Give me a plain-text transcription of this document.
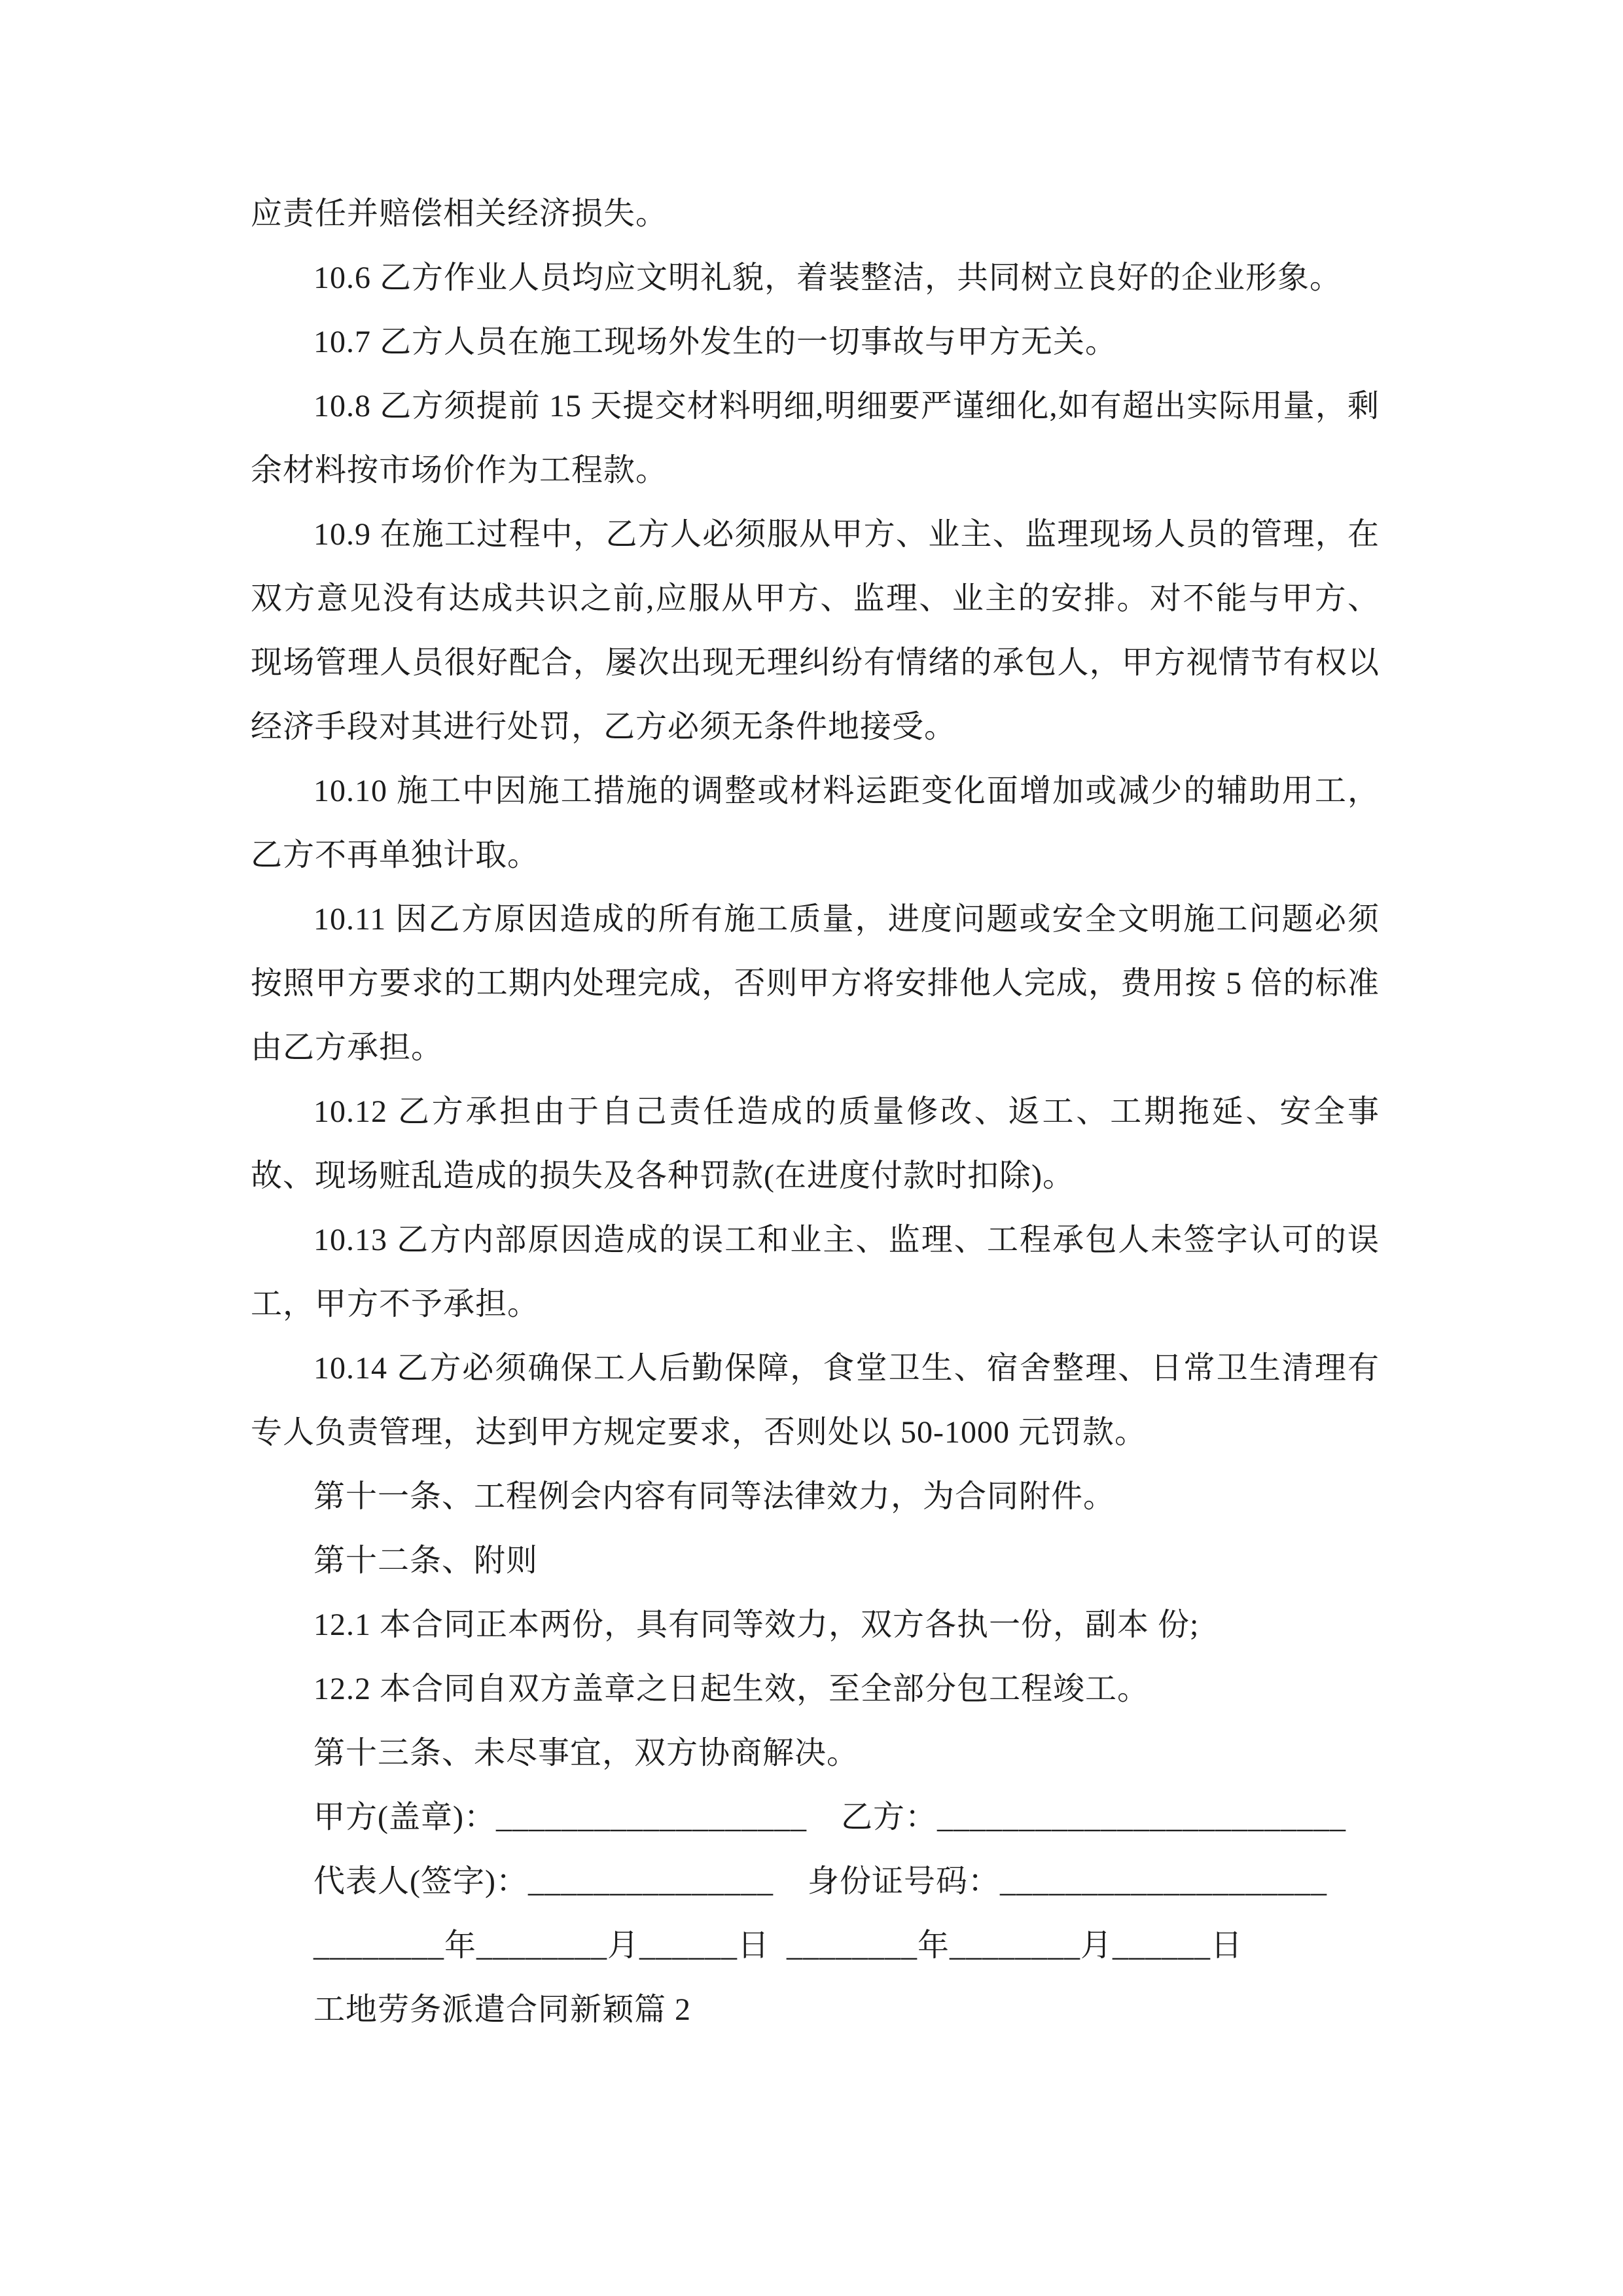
应责任并赔偿相关经济损失。

10.6 乙方作业人员均应文明礼貌，着装整洁，共同树立良好的企业形象。

10.7 乙方人员在施工现场外发生的一切事故与甲方无关。

10.8 乙方须提前 15 天提交材料明细,明细要严谨细化,如有超出实际用量，剩余材料按市场价作为工程款。

10.9 在施工过程中，乙方人必须服从甲方、业主、监理现场人员的管理，在双方意见没有达成共识之前,应服从甲方、监理、业主的安排。对不能与甲方、现场管理人员很好配合，屡次出现无理纠纷有情绪的承包人，甲方视情节有权以经济手段对其进行处罚，乙方必须无条件地接受。

10.10 施工中因施工措施的调整或材料运距变化面增加或减少的辅助用工，乙方不再单独计取。

10.11 因乙方原因造成的所有施工质量，进度问题或安全文明施工问题必须按照甲方要求的工期内处理完成，否则甲方将安排他人完成，费用按 5 倍的标准由乙方承担。

10.12 乙方承担由于自己责任造成的质量修改、返工、工期拖延、安全事故、现场赃乱造成的损失及各种罚款(在进度付款时扣除)。

10.13 乙方内部原因造成的误工和业主、监理、工程承包人未签字认可的误工，甲方不予承担。

10.14 乙方必须确保工人后勤保障，食堂卫生、宿舍整理、日常卫生清理有专人负责管理，达到甲方规定要求，否则处以 50-1000 元罚款。

第十一条、工程例会内容有同等法律效力，为合同附件。

第十二条、附则

12.1 本合同正本两份，具有同等效力，双方各执一份，副本 份;

12.2 本合同自双方盖章之日起生效，至全部分包工程竣工。

第十三条、未尽事宜，双方协商解决。

甲方(盖章)：___________________    乙方：_________________________

代表人(签字)：_______________    身份证号码：____________________

________年________月______日  ________年________月______日

工地劳务派遣合同新颖篇 2
